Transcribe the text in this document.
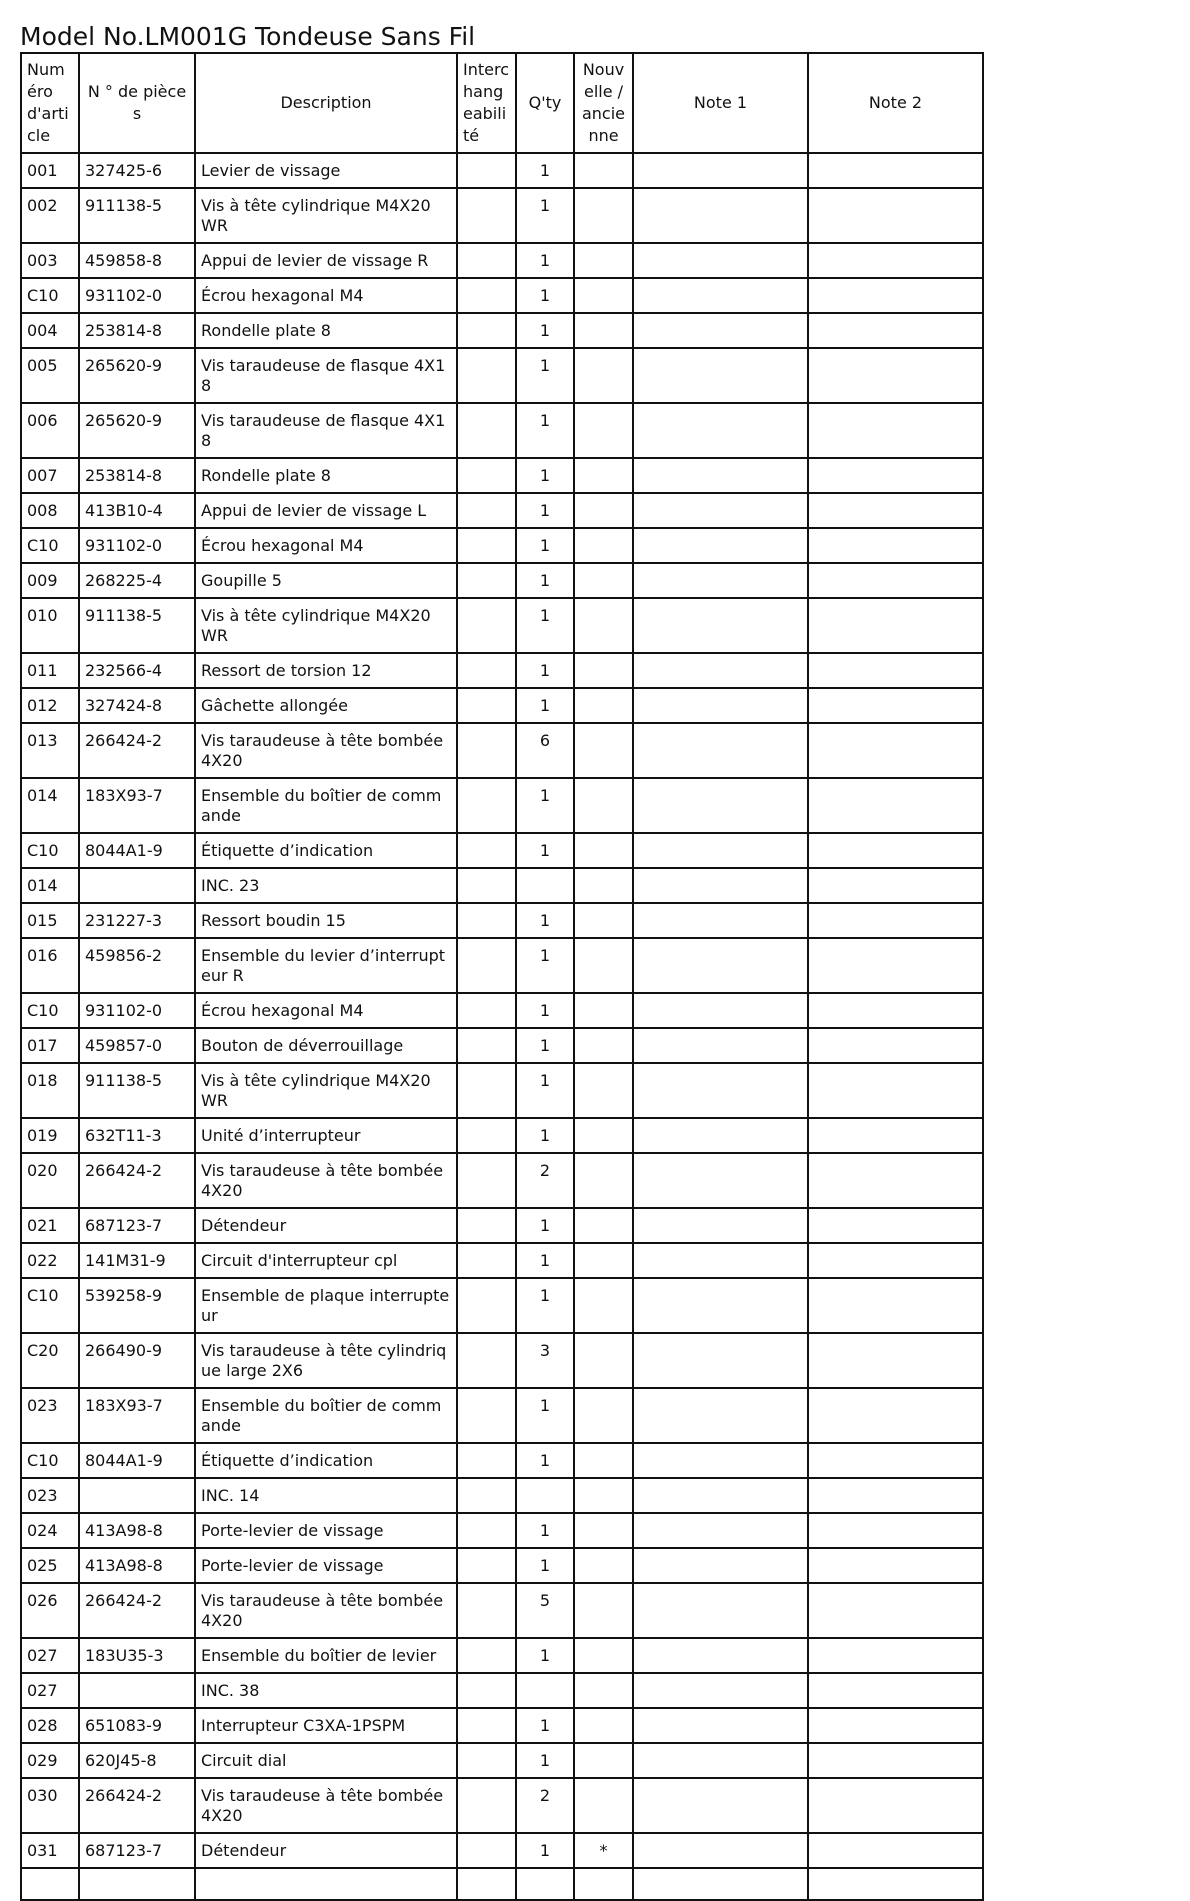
Model No.LM001G Tondeuse Sans Fil
Numéro d'article	N ° de pièces	Description	Interchangeabilité	Q'ty	Nouvelle / ancienne	Note 1	Note 2
001	327425-6	Levier de vissage		1			
002	911138-5	Vis à tête cylindrique M4X20 WR		1			
003	459858-8	Appui de levier de vissage R		1			
C10	931102-0	Écrou hexagonal M4		1			
004	253814-8	Rondelle plate 8		1			
005	265620-9	Vis taraudeuse de flasque 4X18		1			
006	265620-9	Vis taraudeuse de flasque 4X18		1			
007	253814-8	Rondelle plate 8		1			
008	413B10-4	Appui de levier de vissage L		1			
C10	931102-0	Écrou hexagonal M4		1			
009	268225-4	Goupille 5		1			
010	911138-5	Vis à tête cylindrique M4X20 WR		1			
011	232566-4	Ressort de torsion 12		1			
012	327424-8	Gâchette allongée		1			
013	266424-2	Vis taraudeuse à tête bombée 4X20		6			
014	183X93-7	Ensemble du boîtier de commande		1			
C10	8044A1-9	Étiquette d’indication		1			
014		INC. 23					
015	231227-3	Ressort boudin 15		1			
016	459856-2	Ensemble du levier d’interrupteur R		1			
C10	931102-0	Écrou hexagonal M4		1			
017	459857-0	Bouton de déverrouillage		1			
018	911138-5	Vis à tête cylindrique M4X20 WR		1			
019	632T11-3	Unité d’interrupteur		1			
020	266424-2	Vis taraudeuse à tête bombée 4X20		2			
021	687123-7	Détendeur		1			
022	141M31-9	Circuit d'interrupteur cpl		1			
C10	539258-9	Ensemble de plaque interrupteur		1			
C20	266490-9	Vis taraudeuse à tête cylindrique large 2X6		3			
023	183X93-7	Ensemble du boîtier de commande		1			
C10	8044A1-9	Étiquette d’indication		1			
023		INC. 14					
024	413A98-8	Porte-levier de vissage		1			
025	413A98-8	Porte-levier de vissage		1			
026	266424-2	Vis taraudeuse à tête bombée 4X20		5			
027	183U35-3	Ensemble du boîtier de levier		1			
027		INC. 38					
028	651083-9	Interrupteur C3XA-1PSPM		1			
029	620J45-8	Circuit dial		1			
030	266424-2	Vis taraudeuse à tête bombée 4X20		2			
031	687123-7	Détendeur		1	*		
